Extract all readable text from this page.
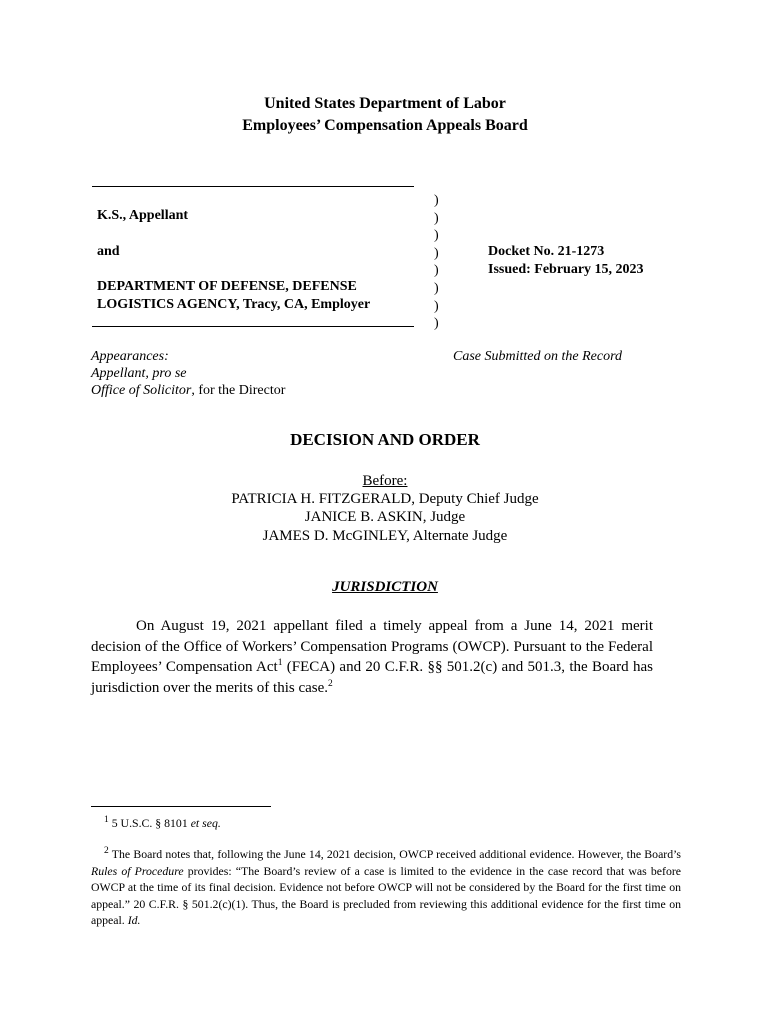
United States Department of Labor
Employees’ Compensation Appeals Board
K.S., Appellant
and
DEPARTMENT OF DEFENSE, DEFENSE
LOGISTICS AGENCY, Tracy, CA, Employer
)
)
)
)
)
)
)
)
Docket No. 21-1273
Issued: February 15, 2023
Appearances:
Appellant, pro se
Office of Solicitor, for the Director
Case Submitted on the Record
DECISION AND ORDER
Before:
PATRICIA H. FITZGERALD, Deputy Chief Judge
JANICE B. ASKIN, Judge
JAMES D. McGINLEY, Alternate Judge
JURISDICTION
On August 19, 2021 appellant filed a timely appeal from a June 14, 2021 merit decision of the Office of Workers’ Compensation Programs (OWCP). Pursuant to the Federal Employees’ Compensation Act$^1$ (FECA) and 20 C.F.R. §§ 501.2(c) and 501.3, the Board has jurisdiction over the merits of this case.$^2$
$^1$ 5 U.S.C. § 8101 et seq.
$^2$ The Board notes that, following the June 14, 2021 decision, OWCP received additional evidence. However, the Board’s Rules of Procedure provides: “The Board’s review of a case is limited to the evidence in the case record that was before OWCP at the time of its final decision. Evidence not before OWCP will not be considered by the Board for the first time on appeal.” 20 C.F.R. § 501.2(c)(1). Thus, the Board is precluded from reviewing this additional evidence for the first time on appeal. Id.
